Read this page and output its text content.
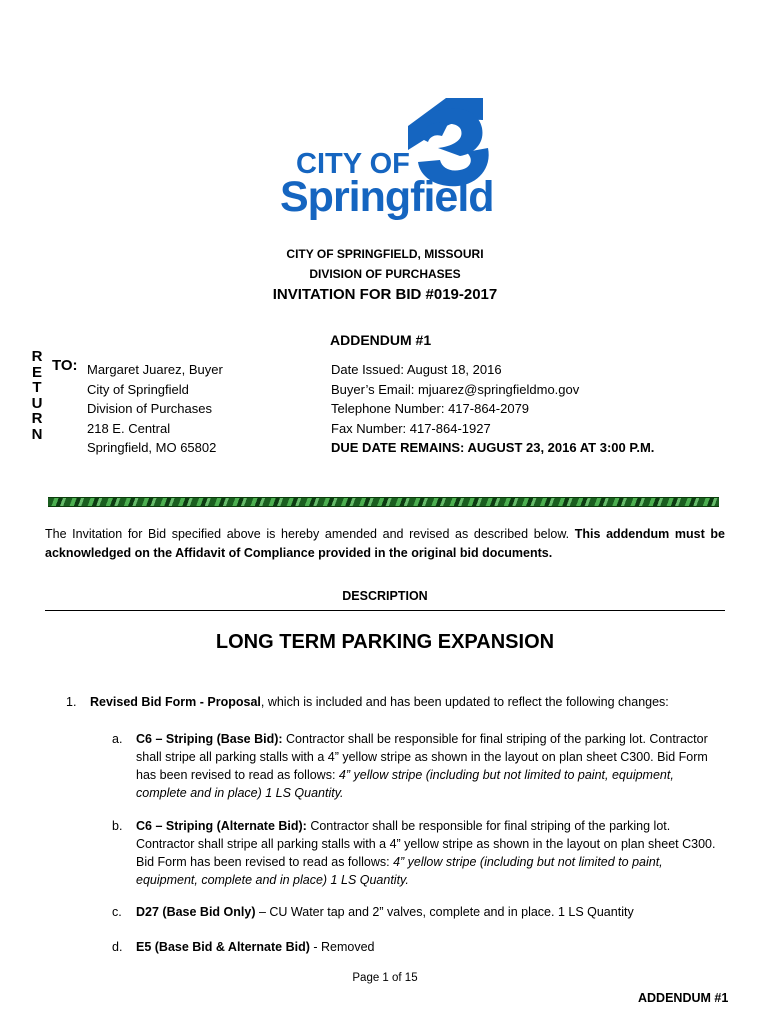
CITY OF
Springfield
CITY OF SPRINGFIELD, MISSOURI
DIVISION OF PURCHASES
INVITATION FOR BID #019-2017
ADDENDUM #1
R
E
T
U
R
N
TO: Margaret Juarez, Buyer
City of Springfield
Division of Purchases
218 E. Central
Springfield, MO 65802
Date Issued: August 18, 2016
Buyer’s Email: mjuarez@springfieldmo.gov
Telephone Number: 417-864-2079
Fax Number: 417-864-1927
DUE DATE REMAINS: AUGUST 23, 2016 AT 3:00 P.M.
The Invitation for Bid specified above is hereby amended and revised as described below. This addendum must be acknowledged on the Affidavit of Compliance provided in the original bid documents.
DESCRIPTION
LONG TERM PARKING EXPANSION
1. Revised Bid Form - Proposal, which is included and has been updated to reflect the following changes:
a.	C6 – Striping (Base Bid): Contractor shall be responsible for final striping of the parking lot. Contractor shall stripe all parking stalls with a 4” yellow stripe as shown in the layout on plan sheet C300. Bid Form has been revised to read as follows: 4” yellow stripe (including but not limited to paint, equipment, complete and in place) 1 LS Quantity.
b.	C6 – Striping (Alternate Bid): Contractor shall be responsible for final striping of the parking lot. Contractor shall stripe all parking stalls with a 4” yellow stripe as shown in the layout on plan sheet C300. Bid Form has been revised to read as follows: 4” yellow stripe (including but not limited to paint, equipment, complete and in place) 1 LS Quantity.
c.	D27 (Base Bid Only) – CU Water tap and 2” valves, complete and in place. 1 LS Quantity
d.	E5 (Base Bid & Alternate Bid) - Removed
Page 1 of 15
ADDENDUM #1
